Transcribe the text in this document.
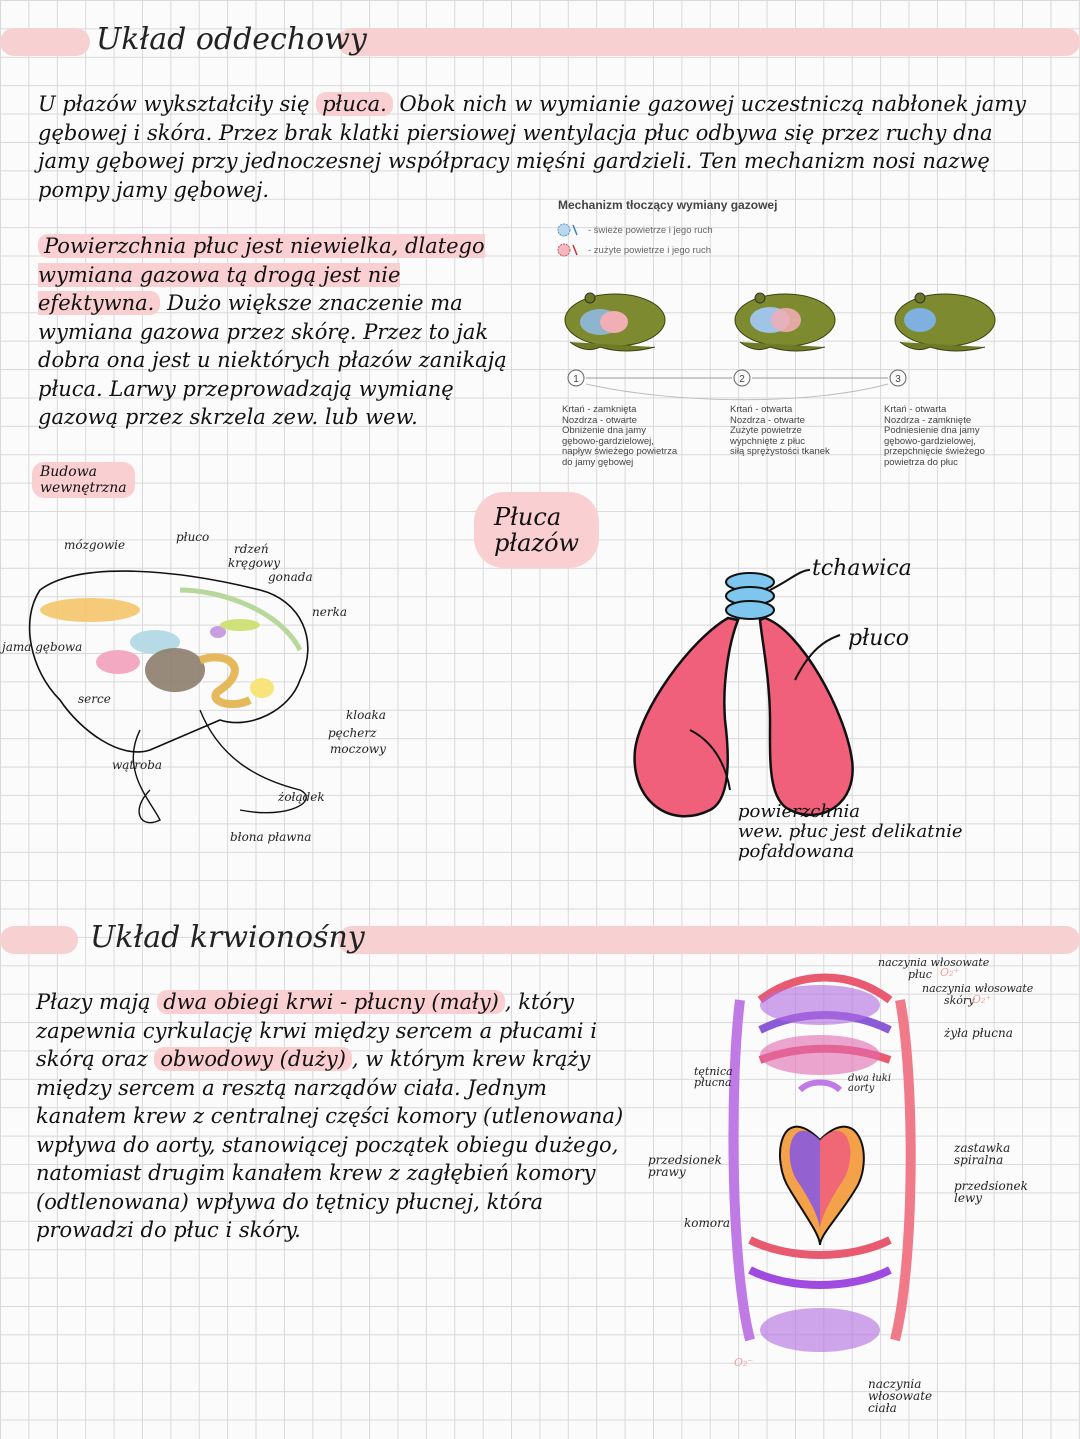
Układ oddechowy
U płazów wykształciły się płuca. Obok nich w wymianie gazowej uczestniczą nabłonek jamy gębowej i skóra. Przez brak klatki piersiowej wentylacja płuc odbywa się przez ruchy dna jamy gębowej przy jednoczesnej współpracy mięśni gardzieli. Ten mechanizm nosi nazwę pompy jamy gębowej.
Powierzchnia płuc jest niewielka, dlatego wymiana gazowa tą drogą jest nie efektywna. Dużo większe znaczenie ma wymiana gazowa przez skórę. Przez to jak dobra ona jest u niektórych płazów zanikają płuca. Larwy przeprowadzają wymianę gazową przez skrzela zew. lub wew.
Mechanizm tłoczący wymiany gazowej
- świeże powietrze i jego ruch
- zużyte powietrze i jego ruch
1	2	3
Krtań - zamknięta
Nozdrza - otwarte
Obniżenie dna jamy
gębowo-gardzielowej,
napływ świeżego powietrza
do jamy gębowej
Krtań - otwarta
Nozdrza - otwarte
Zużyte powietrze
wypchnięte z płuc
siłą sprężystości tkanek
Krtań - otwarta
Nozdrza - zamknięte
Podniesienie dna jamy
gębowo-gardzielowej,
przepchnięcie świeżego
powietrza do płuc
Budowa
wewnętrzna
mózgowie
płuco
rdzeń
kręgowy
gonada
nerka
jama gębowa
serce
kloaka
pęcherz
moczowy
wątroba
żołądek
błona pławna
Płuca
płazów
tchawica
płuco
powierzchnia
wew. płuc jest delikatnie
pofałdowana
Układ krwionośny
Płazy mają dwa obiegi krwi - płucny (mały) , który zapewnia cyrkulację krwi między sercem a płucami i skórą oraz obwodowy (duży) , w którym krew krąży między sercem a resztą narządów ciała. Jednym kanałem krew z centralnej części komory (utlenowana) wpływa do aorty, stanowiącej początek obiegu dużego, natomiast drugim kanałem krew z zagłębień komory (odtlenowana) wpływa do tętnicy płucnej, która prowadzi do płuc i skóry.
naczynia włosowate
płuc O₂⁺
naczynia włosowate
skóry
O₂⁺
żyła płucna
tętnica
płucna	dwa łuki
aorty
przedsionek
prawy
zastawka
spiralna
przedsionek
lewy
komora
O₂⁻
naczynia
włosowate
ciała
